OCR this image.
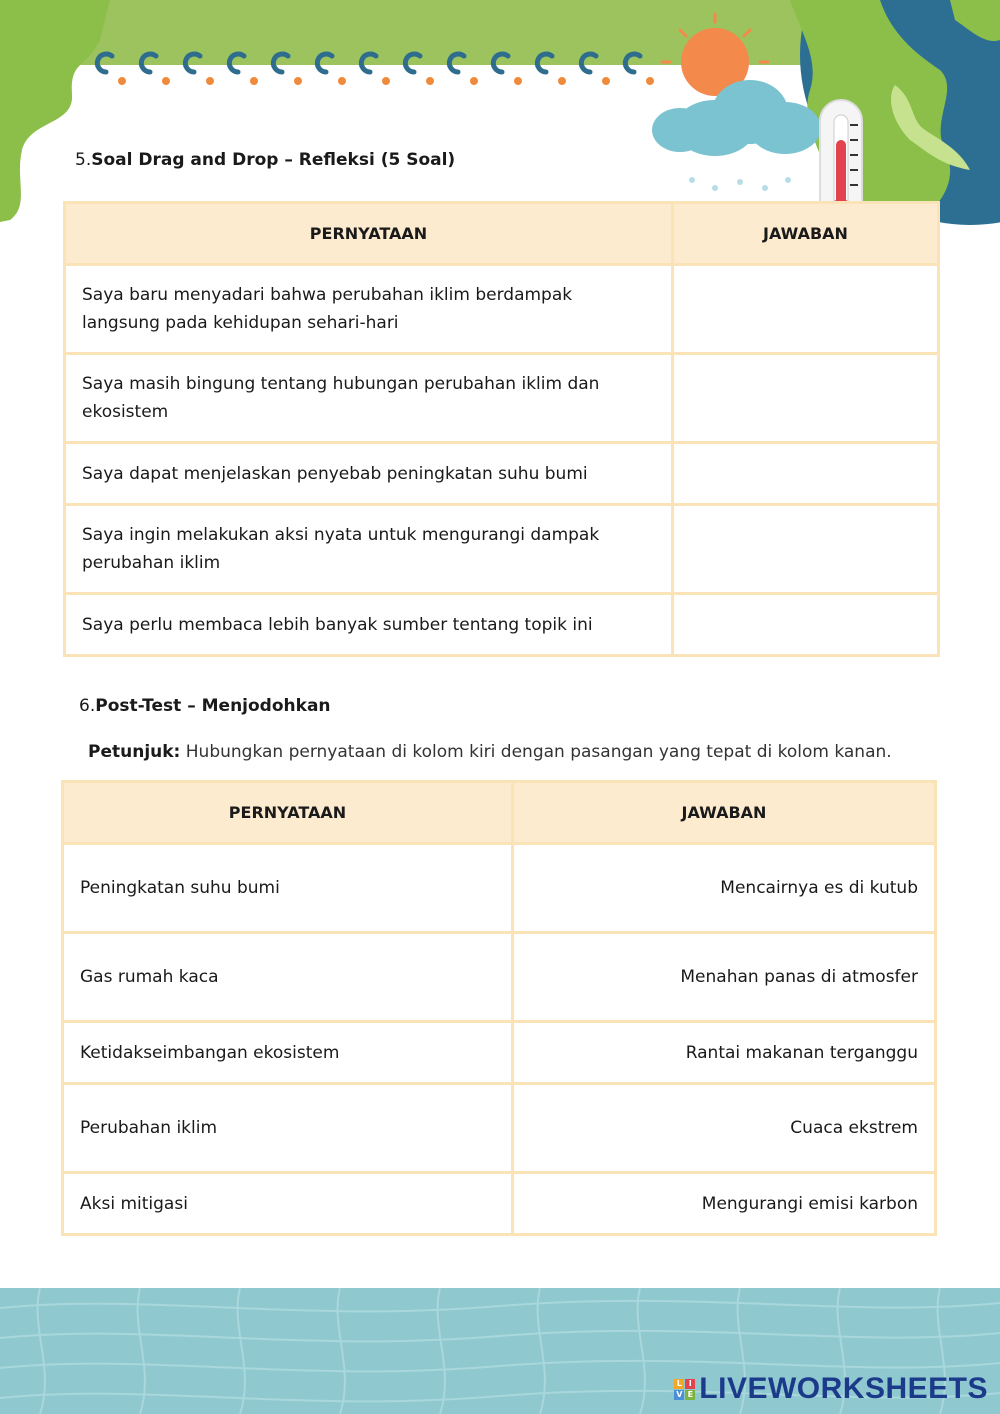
5.Soal Drag and Drop – Refleksi (5 Soal)
PERNYATAAN	JAWABAN
Saya baru menyadari bahwa perubahan iklim berdampak langsung pada kehidupan sehari-hari	
Saya masih bingung tentang hubungan perubahan iklim dan ekosistem	
Saya dapat menjelaskan penyebab peningkatan suhu bumi	
Saya ingin melakukan aksi nyata untuk mengurangi dampak perubahan iklim	
Saya perlu membaca lebih banyak sumber tentang topik ini	
6.Post-Test – Menjodohkan
Petunjuk: Hubungkan pernyataan di kolom kiri dengan pasangan yang tepat di kolom kanan.
PERNYATAAN	JAWABAN
Peningkatan suhu bumi	Mencairnya es di kutub
Gas rumah kaca	Menahan panas di atmosfer
Ketidakseimbangan ekosistem	Rantai makanan terganggu
Perubahan iklim	Cuaca ekstrem
Aksi mitigasi	Mengurangi emisi karbon
L I
V E LIVEWORKSHEETS
